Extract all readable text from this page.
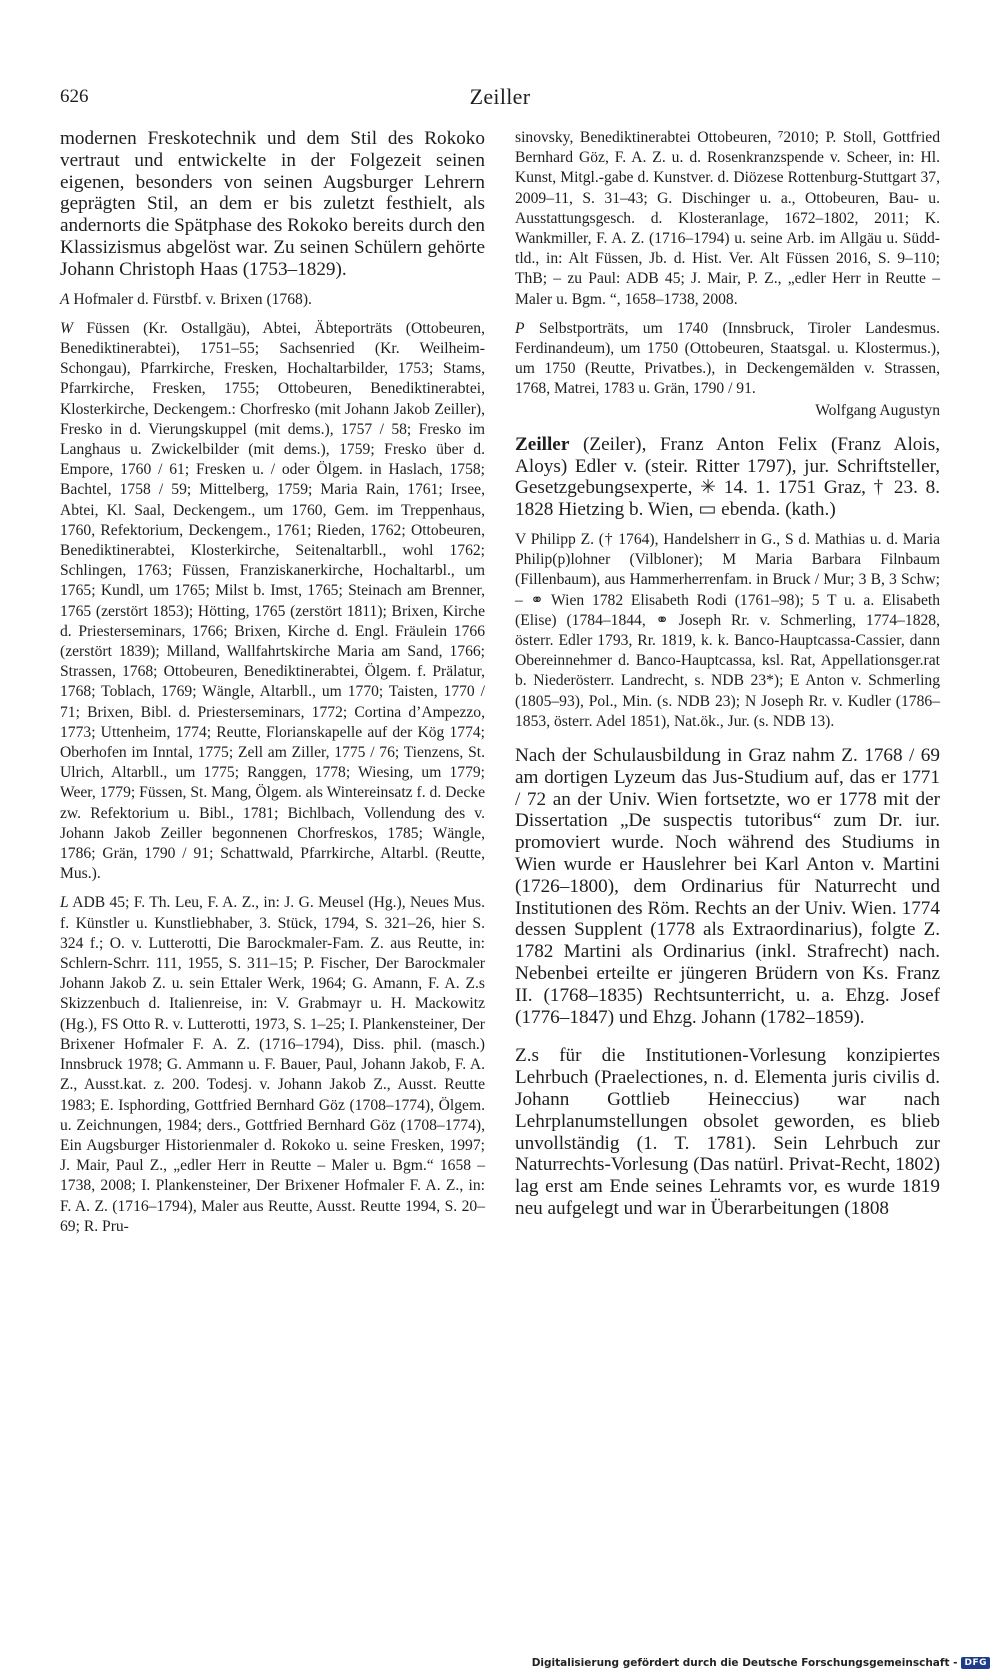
626	Zeiller

modernen Freskotechnik und dem Stil des Rokoko vertraut und entwickelte in der Folgezeit seinen eigenen, besonders von seinen Augsburger Lehrern geprägten Stil, an dem er bis zuletzt festhielt, als andernorts die Spätphase des Rokoko bereits durch den Klassizismus abgelöst war. Zu seinen Schülern gehörte Johann Christoph Haas (1753–1829).

A Hofmaler d. Fürstbf. v. Brixen (1768).

W Füssen (Kr. Ostallgäu), Abtei, Äbteporträts (Ottobeuren, Benediktinerabtei), 1751–55; Sachsenried (Kr. Weilheim-Schongau), Pfarrkirche, Fresken, Hochaltarbilder, 1753; Stams, Pfarrkirche, Fresken, 1755; Ottobeuren, Benediktinerabtei, Klosterkirche, Deckengem.: Chorfresko (mit Johann Jakob Zeiller), Fresko in d. Vierungskuppel (mit dems.), 1757 / 58; Fresko im Langhaus u. Zwickelbilder (mit dems.), 1759; Fresko über d. Empore, 1760 / 61; Fresken u. / oder Ölgem. in Haslach, 1758; Bachtel, 1758 / 59; Mittelberg, 1759; Maria Rain, 1761; Irsee, Abtei, Kl. Saal, Deckengem., um 1760, Gem. im Treppenhaus, 1760, Refektorium, Deckengem., 1761; Rieden, 1762; Ottobeuren, Benediktinerabtei, Klosterkirche, Seitenaltarbll., wohl 1762; Schlingen, 1763; Füssen, Franziskanerkirche, Hochaltarbl., um 1765; Kundl, um 1765; Milst b. Imst, 1765; Steinach am Brenner, 1765 (zerstört 1853); Hötting, 1765 (zerstört 1811); Brixen, Kirche d. Priesterseminars, 1766; Brixen, Kirche d. Engl. Fräulein 1766 (zerstört 1839); Milland, Wallfahrtskirche Maria am Sand, 1766; Strassen, 1768; Ottobeuren, Benediktinerabtei, Ölgem. f. Prälatur, 1768; Toblach, 1769; Wängle, Altarbll., um 1770; Taisten, 1770 / 71; Brixen, Bibl. d. Priesterseminars, 1772; Cortina d’Ampezzo, 1773; Uttenheim, 1774; Reutte, Florianskapelle auf der Kög 1774; Oberhofen im Inntal, 1775; Zell am Ziller, 1775 / 76; Tienzens, St. Ulrich, Altarbll., um 1775; Ranggen, 1778; Wiesing, um 1779; Weer, 1779; Füssen, St. Mang, Ölgem. als Wintereinsatz f. d. Decke zw. Refektorium u. Bibl., 1781; Bichlbach, Vollendung des v. Johann Jakob Zeiller begonnenen Chorfreskos, 1785; Wängle, 1786; Grän, 1790 / 91; Schattwald, Pfarrkirche, Altarbl. (Reutte, Mus.).

L ADB 45; F. Th. Leu, F. A. Z., in: J. G. Meusel (Hg.), Neues Mus. f. Künstler u. Kunstliebhaber, 3. Stück, 1794, S. 321–26, hier S. 324 f.; O. v. Lutterotti, Die Barockmaler-Fam. Z. aus Reutte, in: Schlern-Schrr. 111, 1955, S. 311–15; P. Fischer, Der Barockmaler Johann Jakob Z. u. sein Ettaler Werk, 1964; G. Amann, F. A. Z.s Skizzenbuch d. Italienreise, in: V. Grabmayr u. H. Mackowitz (Hg.), FS Otto R. v. Lutterotti, 1973, S. 1–25; I. Plankensteiner, Der Brixener Hofmaler F. A. Z. (1716–1794), Diss. phil. (masch.) Innsbruck 1978; G. Ammann u. F. Bauer, Paul, Johann Jakob, F. A. Z., Ausst.kat. z. 200. Todesj. v. Johann Jakob Z., Ausst. Reutte 1983; E. Isphording, Gottfried Bernhard Göz (1708–1774), Ölgem. u. Zeichnungen, 1984; ders., Gottfried Bernhard Göz (1708–1774), Ein Augsburger Historienmaler d. Rokoko u. seine Fresken, 1997; J. Mair, Paul Z., „edler Herr in Reutte – Maler u. Bgm.“ 1658 – 1738, 2008; I. Plankensteiner, Der Brixener Hofmaler F. A. Z., in: F. A. Z. (1716–1794), Maler aus Reutte, Ausst. Reutte 1994, S. 20–69; R. Pru-

sinovsky, Benediktinerabtei Ottobeuren, ⁷2010; P. Stoll, Gottfried Bernhard Göz, F. A. Z. u. d. Rosenkranzspende v. Scheer, in: Hl. Kunst, Mitgl.-gabe d. Kunstver. d. Diözese Rottenburg-Stuttgart 37, 2009–11, S. 31–43; G. Dischinger u. a., Ottobeuren, Bau- u. Ausstattungsgesch. d. Klosteranlage, 1672–1802, 2011; K. Wankmiller, F. A. Z. (1716–1794) u. seine Arb. im Allgäu u. Süddtld., in: Alt Füssen, Jb. d. Hist. Ver. Alt Füssen 2016, S. 9–110; ThB; – zu Paul: ADB 45; J. Mair, P. Z., „edler Herr in Reutte – Maler u. Bgm. “, 1658–1738, 2008.

P Selbstporträts, um 1740 (Innsbruck, Tiroler Landesmus. Ferdinandeum), um 1750 (Ottobeuren, Staatsgal. u. Klostermus.), um 1750 (Reutte, Privatbes.), in Deckengemälden v. Strassen, 1768, Matrei, 1783 u. Grän, 1790 / 91.

Wolfgang Augustyn

Zeiller (Zeiler), Franz Anton Felix (Franz Alois, Aloys) Edler v. (steir. Ritter 1797), jur. Schriftsteller, Gesetzgebungsexperte, ✳ 14. 1. 1751 Graz, † 23. 8. 1828 Hietzing b. Wien, ▭ ebenda. (kath.)

V Philipp Z. († 1764), Handelsherr in G., S d. Mathias u. d. Maria Philip(p)lohner (Vilbloner); M Maria Barbara Filnbaum (Fillenbaum), aus Hammerherrenfam. in Bruck / Mur; 3 B, 3 Schw; – ⚭ Wien 1782 Elisabeth Rodi (1761–98); 5 T u. a. Elisabeth (Elise) (1784–1844, ⚭ Joseph Rr. v. Schmerling, 1774–1828, österr. Edler 1793, Rr. 1819, k. k. Banco-Hauptcassa-Cassier, dann Obereinnehmer d. Banco-Hauptcassa, ksl. Rat, Appellationsger.rat b. Niederösterr. Landrecht, s. NDB 23*); E Anton v. Schmerling (1805–93), Pol., Min. (s. NDB 23); N Joseph Rr. v. Kudler (1786–1853, österr. Adel 1851), Nat.ök., Jur. (s. NDB 13).

Nach der Schulausbildung in Graz nahm Z. 1768 / 69 am dortigen Lyzeum das Jus-Studium auf, das er 1771 / 72 an der Univ. Wien fortsetzte, wo er 1778 mit der Dissertation „De suspectis tutoribus“ zum Dr. iur. promoviert wurde. Noch während des Studiums in Wien wurde er Hauslehrer bei Karl Anton v. Martini (1726–1800), dem Ordinarius für Naturrecht und Institutionen des Röm. Rechts an der Univ. Wien. 1774 dessen Supplent (1778 als Extraordinarius), folgte Z. 1782 Martini als Ordinarius (inkl. Strafrecht) nach. Nebenbei erteilte er jüngeren Brüdern von Ks. Franz II. (1768–1835) Rechtsunterricht, u. a. Ehzg. Josef (1776–1847) und Ehzg. Johann (1782–1859).

Z.s für die Institutionen-Vorlesung konzipiertes Lehrbuch (Praelectiones, n. d. Elementa juris civilis d. Johann Gottlieb Heineccius) war nach Lehrplanumstellungen obsolet geworden, es blieb unvollständig (1. T. 1781). Sein Lehrbuch zur Naturrechts-Vorlesung (Das natürl. Privat-Recht, 1802) lag erst am Ende seines Lehramts vor, es wurde 1819 neu aufgelegt und war in Überarbeitungen (1808

Digitalisierung gefördert durch die Deutsche Forschungsgemeinschaft - DFG
